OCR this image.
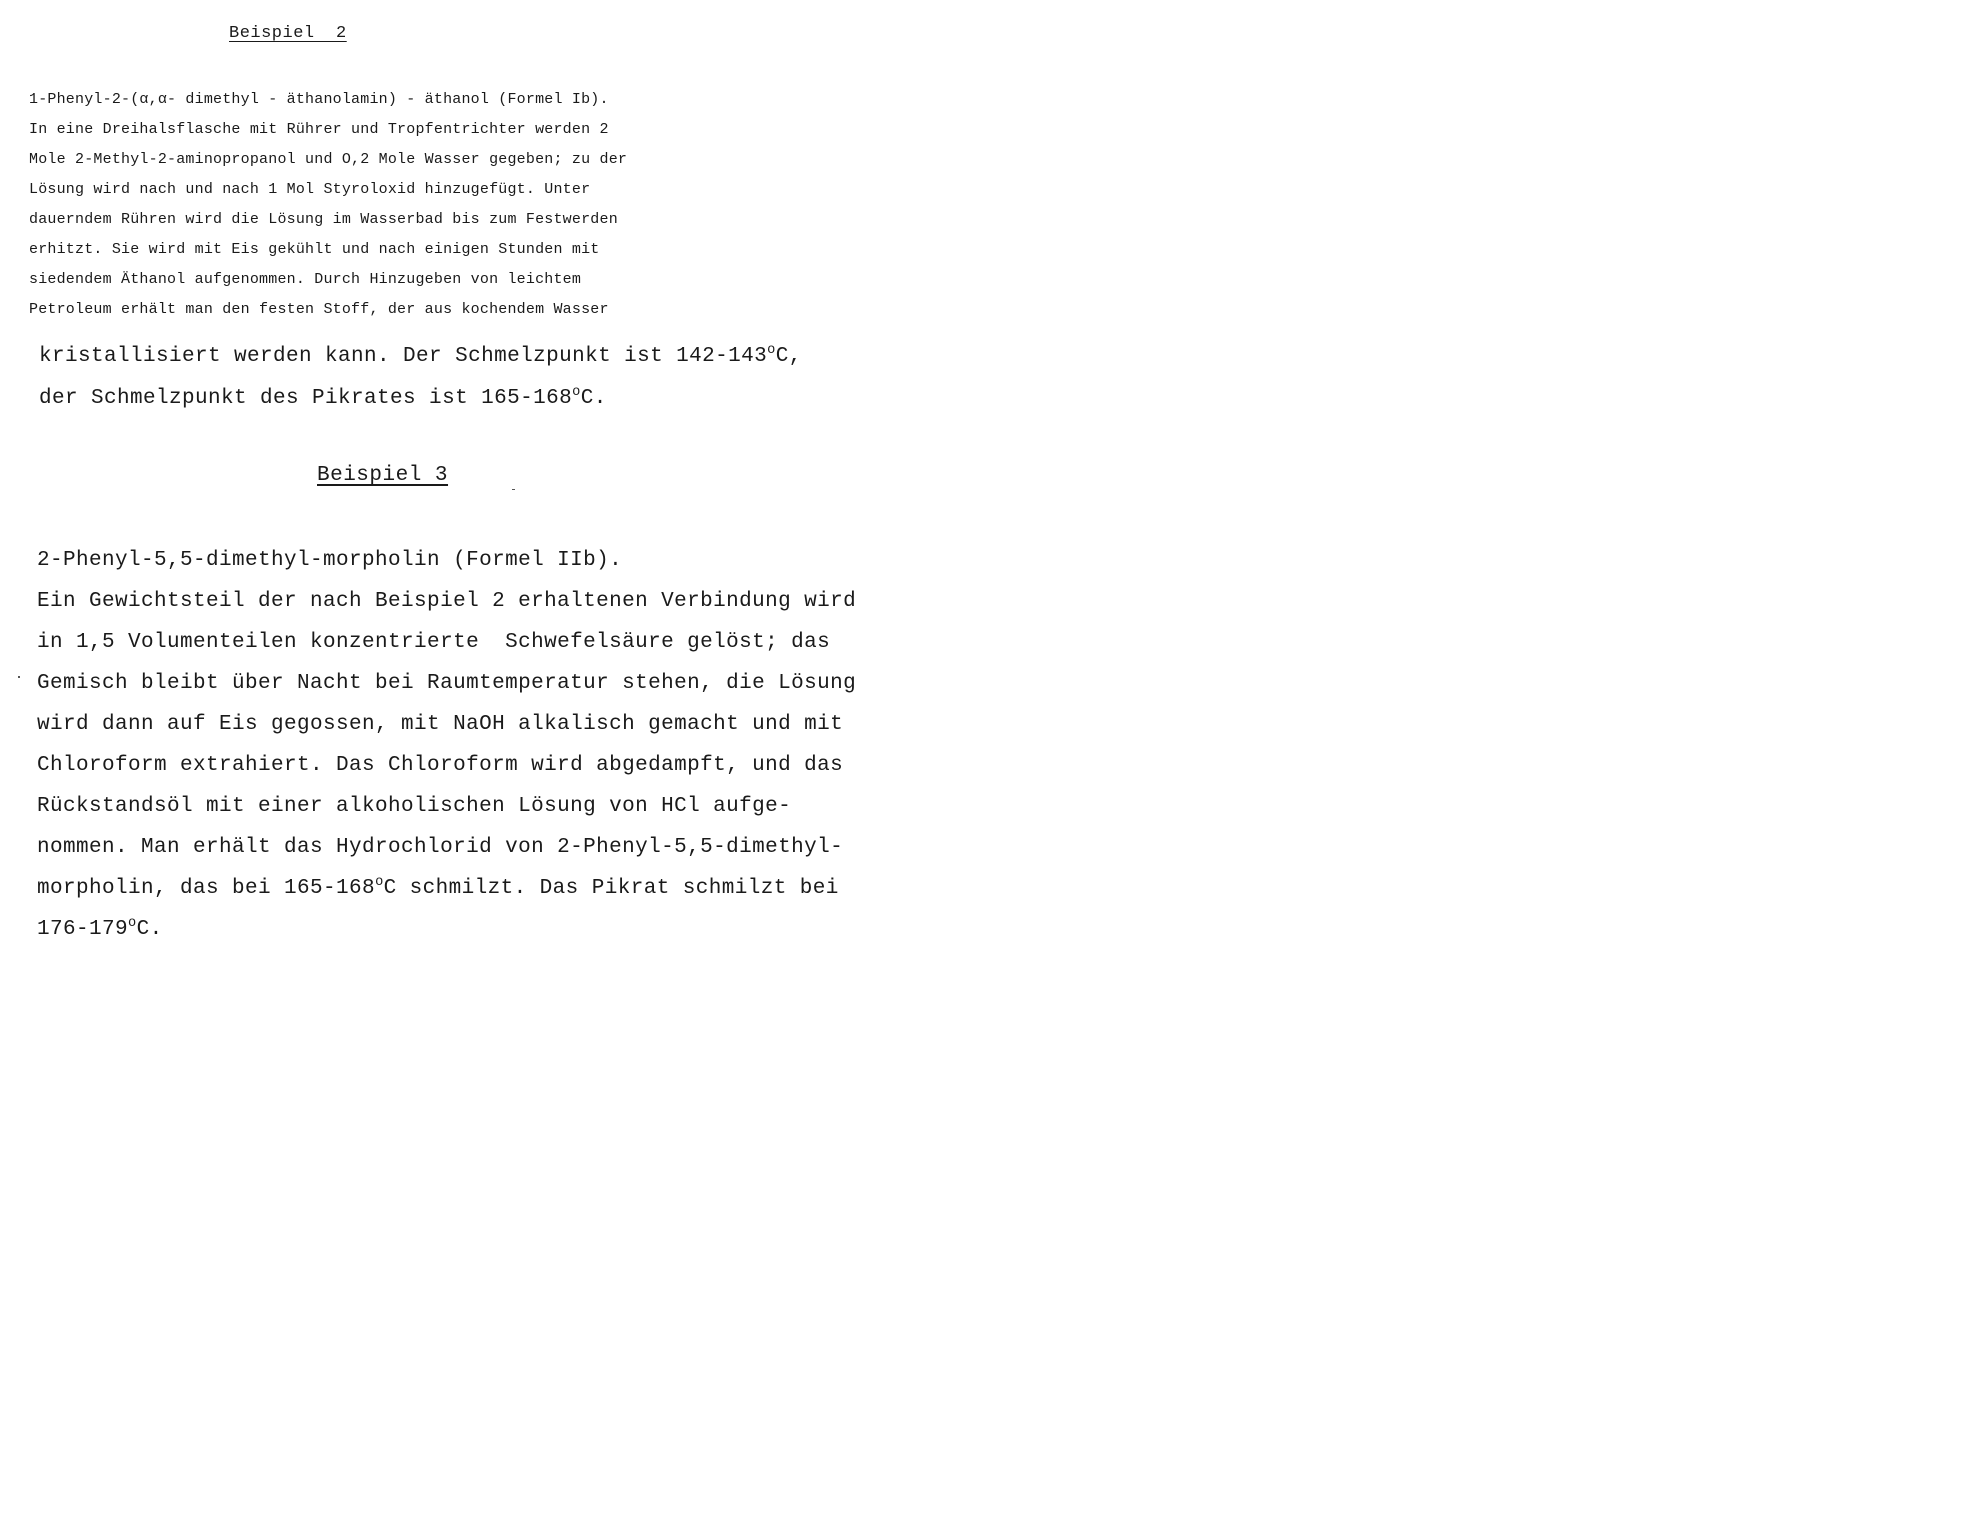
Beispiel  2
1-Phenyl-2-(α,α- dimethyl - äthanolamin) - äthanol (Formel Ib).
In eine Dreihalsflasche mit Rührer und Tropfentrichter werden 2
Mole 2-Methyl-2-aminopropanol und O,2 Mole Wasser gegeben; zu der
Lösung wird nach und nach 1 Mol Styroloxid hinzugefügt. Unter
dauerndem Rühren wird die Lösung im Wasserbad bis zum Festwerden
erhitzt. Sie wird mit Eis gekühlt und nach einigen Stunden mit
siedendem Äthanol aufgenommen. Durch Hinzugeben von leichtem
Petroleum erhält man den festen Stoff, der aus kochendem Wasser
kristallisiert werden kann. Der Schmelzpunkt ist 142-143$^o$C,
der Schmelzpunkt des Pikrates ist 165-168$^o$C.
Beispiel 3
2-Phenyl-5,5-dimethyl-morpholin (Formel IIb).
Ein Gewichtsteil der nach Beispiel 2 erhaltenen Verbindung wird
in 1,5 Volumenteilen konzentrierte  Schwefelsäure gelöst; das
Gemisch bleibt über Nacht bei Raumtemperatur stehen, die Lösung
wird dann auf Eis gegossen, mit NaOH alkalisch gemacht und mit
Chloroform extrahiert. Das Chloroform wird abgedampft, und das
Rückstandsöl mit einer alkoholischen Lösung von HCl aufge-
nommen. Man erhält das Hydrochlorid von 2-Phenyl-5,5-dimethyl-
morpholin, das bei 165-168$^o$C schmilzt. Das Pikrat schmilzt bei
176-179$^o$C.
